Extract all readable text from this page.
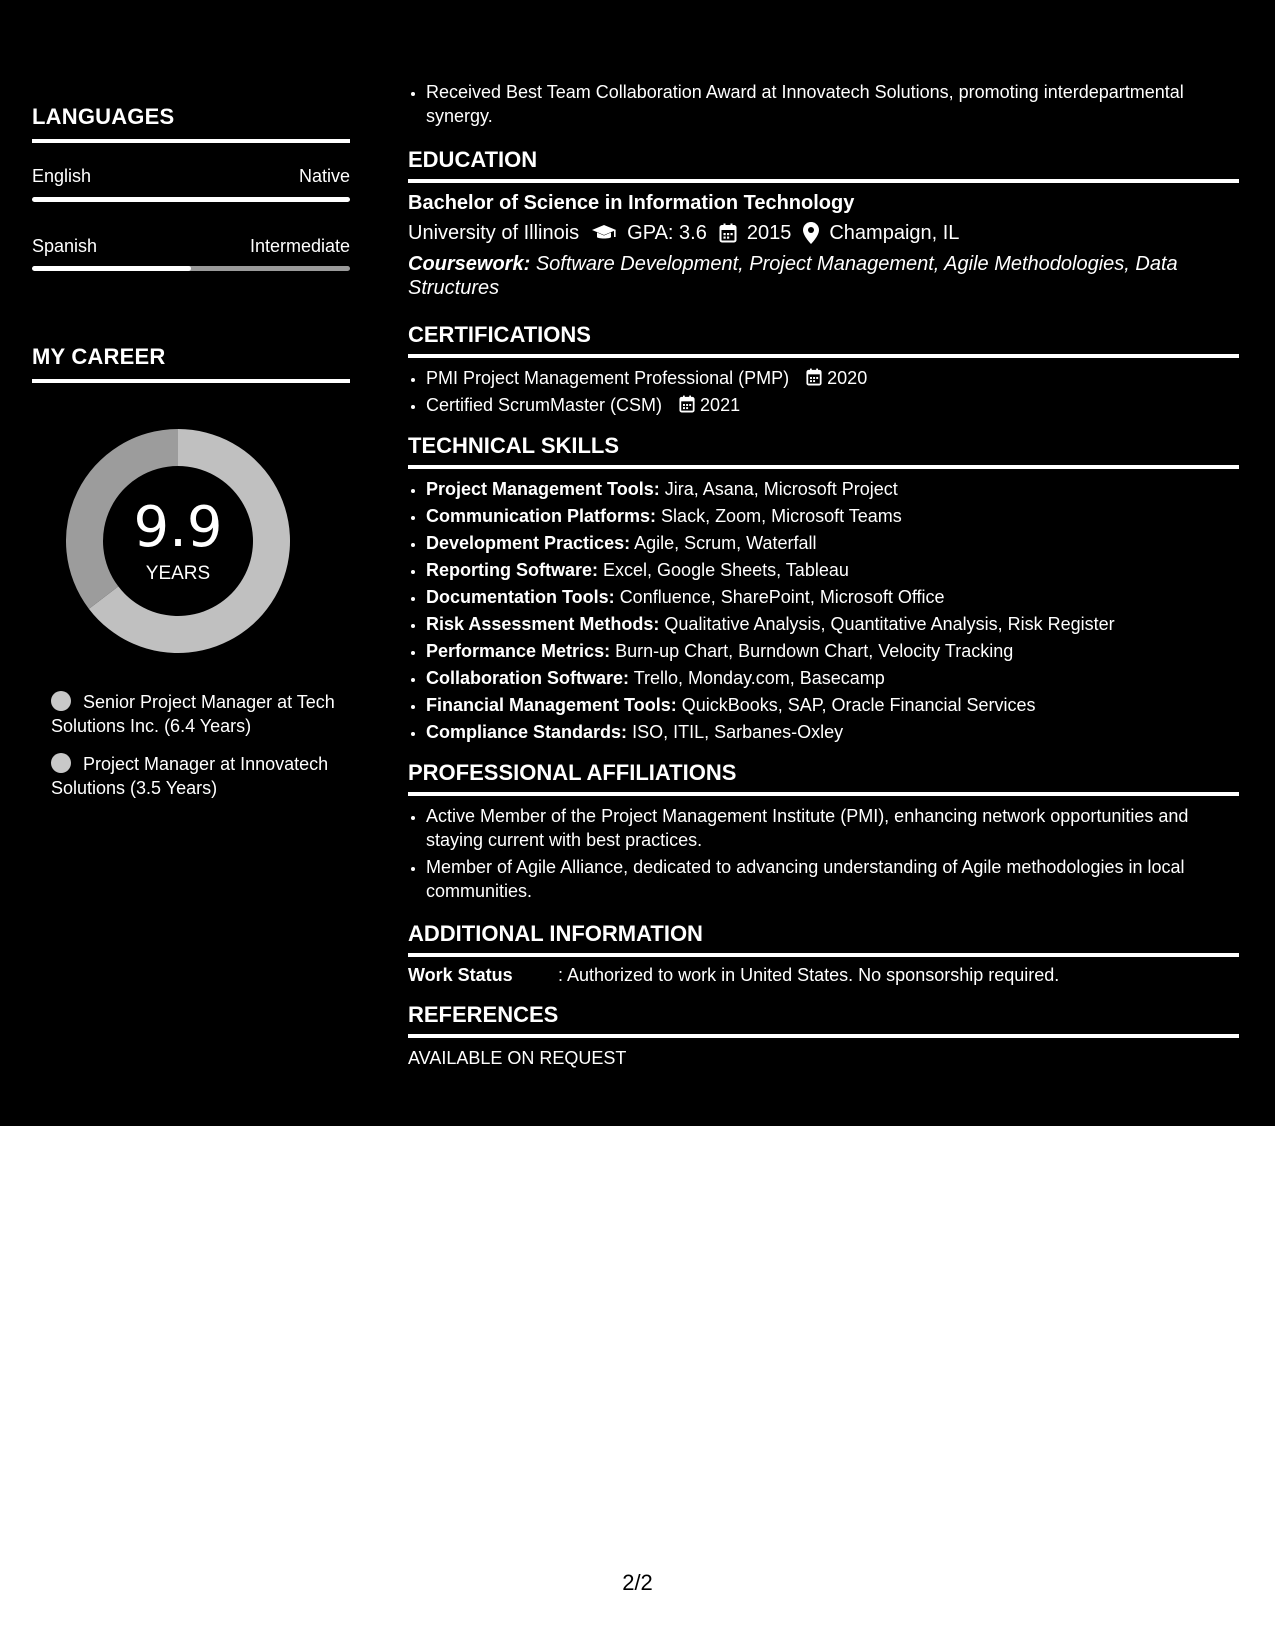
LANGUAGES
English	Native
Spanish	Intermediate
MY CAREER
9.9
YEARS
Senior Project Manager at Tech Solutions Inc. (6.4 Years)
Project Manager at Innovatech Solutions (3.5 Years)
• Received Best Team Collaboration Award at Innovatech Solutions, promoting interdepartmental synergy.
EDUCATION
Bachelor of Science in Information Technology
University of Illinois GPA: 3.6 2015 Champaign, IL
Coursework: Software Development, Project Management, Agile Methodologies, Data Structures
CERTIFICATIONS
• PMI Project Management Professional (PMP) 2020
• Certified ScrumMaster (CSM) 2021
TECHNICAL SKILLS
• Project Management Tools: Jira, Asana, Microsoft Project
• Communication Platforms: Slack, Zoom, Microsoft Teams
• Development Practices: Agile, Scrum, Waterfall
• Reporting Software: Excel, Google Sheets, Tableau
• Documentation Tools: Confluence, SharePoint, Microsoft Office
• Risk Assessment Methods: Qualitative Analysis, Quantitative Analysis, Risk Register
• Performance Metrics: Burn-up Chart, Burndown Chart, Velocity Tracking
• Collaboration Software: Trello, Monday.com, Basecamp
• Financial Management Tools: QuickBooks, SAP, Oracle Financial Services
• Compliance Standards: ISO, ITIL, Sarbanes-Oxley
PROFESSIONAL AFFILIATIONS
• Active Member of the Project Management Institute (PMI), enhancing network opportunities and staying current with best practices.
• Member of Agile Alliance, dedicated to advancing understanding of Agile methodologies in local communities.
ADDITIONAL INFORMATION
Work Status	: Authorized to work in United States. No sponsorship required.
REFERENCES
AVAILABLE ON REQUEST
2/2
